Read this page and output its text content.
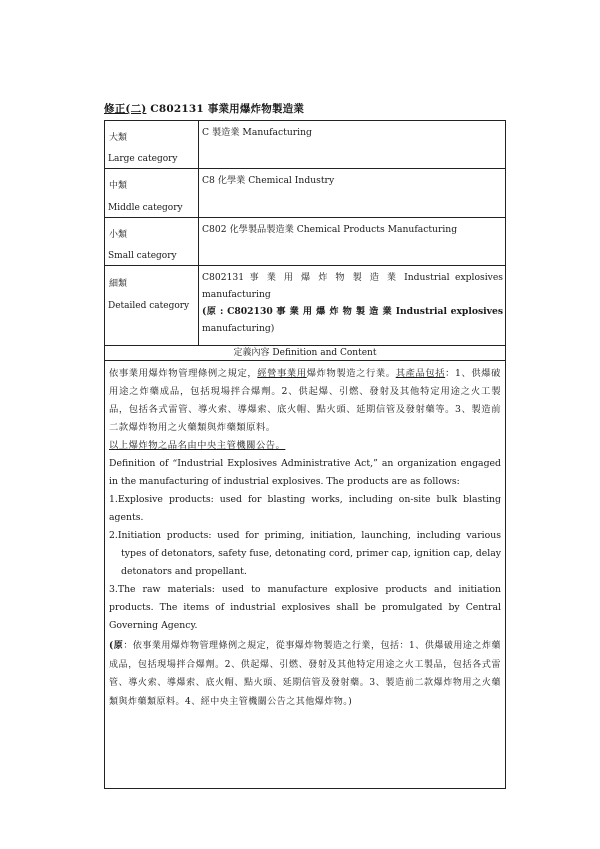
修正(二) C802131 事業用爆炸物製造業
大類
Large category
C 製造業 Manufacturing
中類
Middle category
C8 化學業 Chemical Industry
小類
Small category
C802 化學製品製造業 Chemical Products Manufacturing
細類
Detailed category
C802131 事 業 用 爆 炸 物 製 造 業 Industrial explosives
manufacturing
(原 : C802130 事 業 用 爆 炸 物 製 造 業 Industrial explosives
manufacturing)
定義內容 Definition and Content

依事業用爆炸物管理條例之規定，經營事業用爆炸物製造之行業。其產品包括：1、供爆破用途之炸藥成品，包括現場拌合爆劑。2、供起爆、引燃、發射及其他特定用途之火工製品，包括各式雷管、導火索、導爆索、底火帽、點火頭、延期信管及發射藥等。3、製造前二款爆炸物用之火藥類與炸藥類原料。
以上爆炸物之品名由中央主管機關公告。

Definition of “Industrial Explosives Administrative Act,” an organization engaged in the manufacturing of industrial explosives. The products are as follows:

1.Explosive products: used for blasting works, including on-site bulk blasting agents.

2.Initiation products: used for priming, initiation, launching, including various types of detonators, safety fuse, detonating cord, primer cap, ignition cap, delay detonators and propellant.

3.The raw materials: used to manufacture explosive products and initiation products. The items of industrial explosives shall be promulgated by Central Governing Agency.

(原：依事業用爆炸物管理條例之規定，從事爆炸物製造之行業，包括：1、供爆破用途之炸藥成品，包括現場拌合爆劑。2、供起爆、引燃、發射及其他特定用途之火工製品，包括各式雷管、導火索、導爆索、底火帽、點火頭、延期信管及發射藥。3、製造前二款爆炸物用之火藥類與炸藥類原料。4、經中央主管機關公告之其他爆炸物。)
